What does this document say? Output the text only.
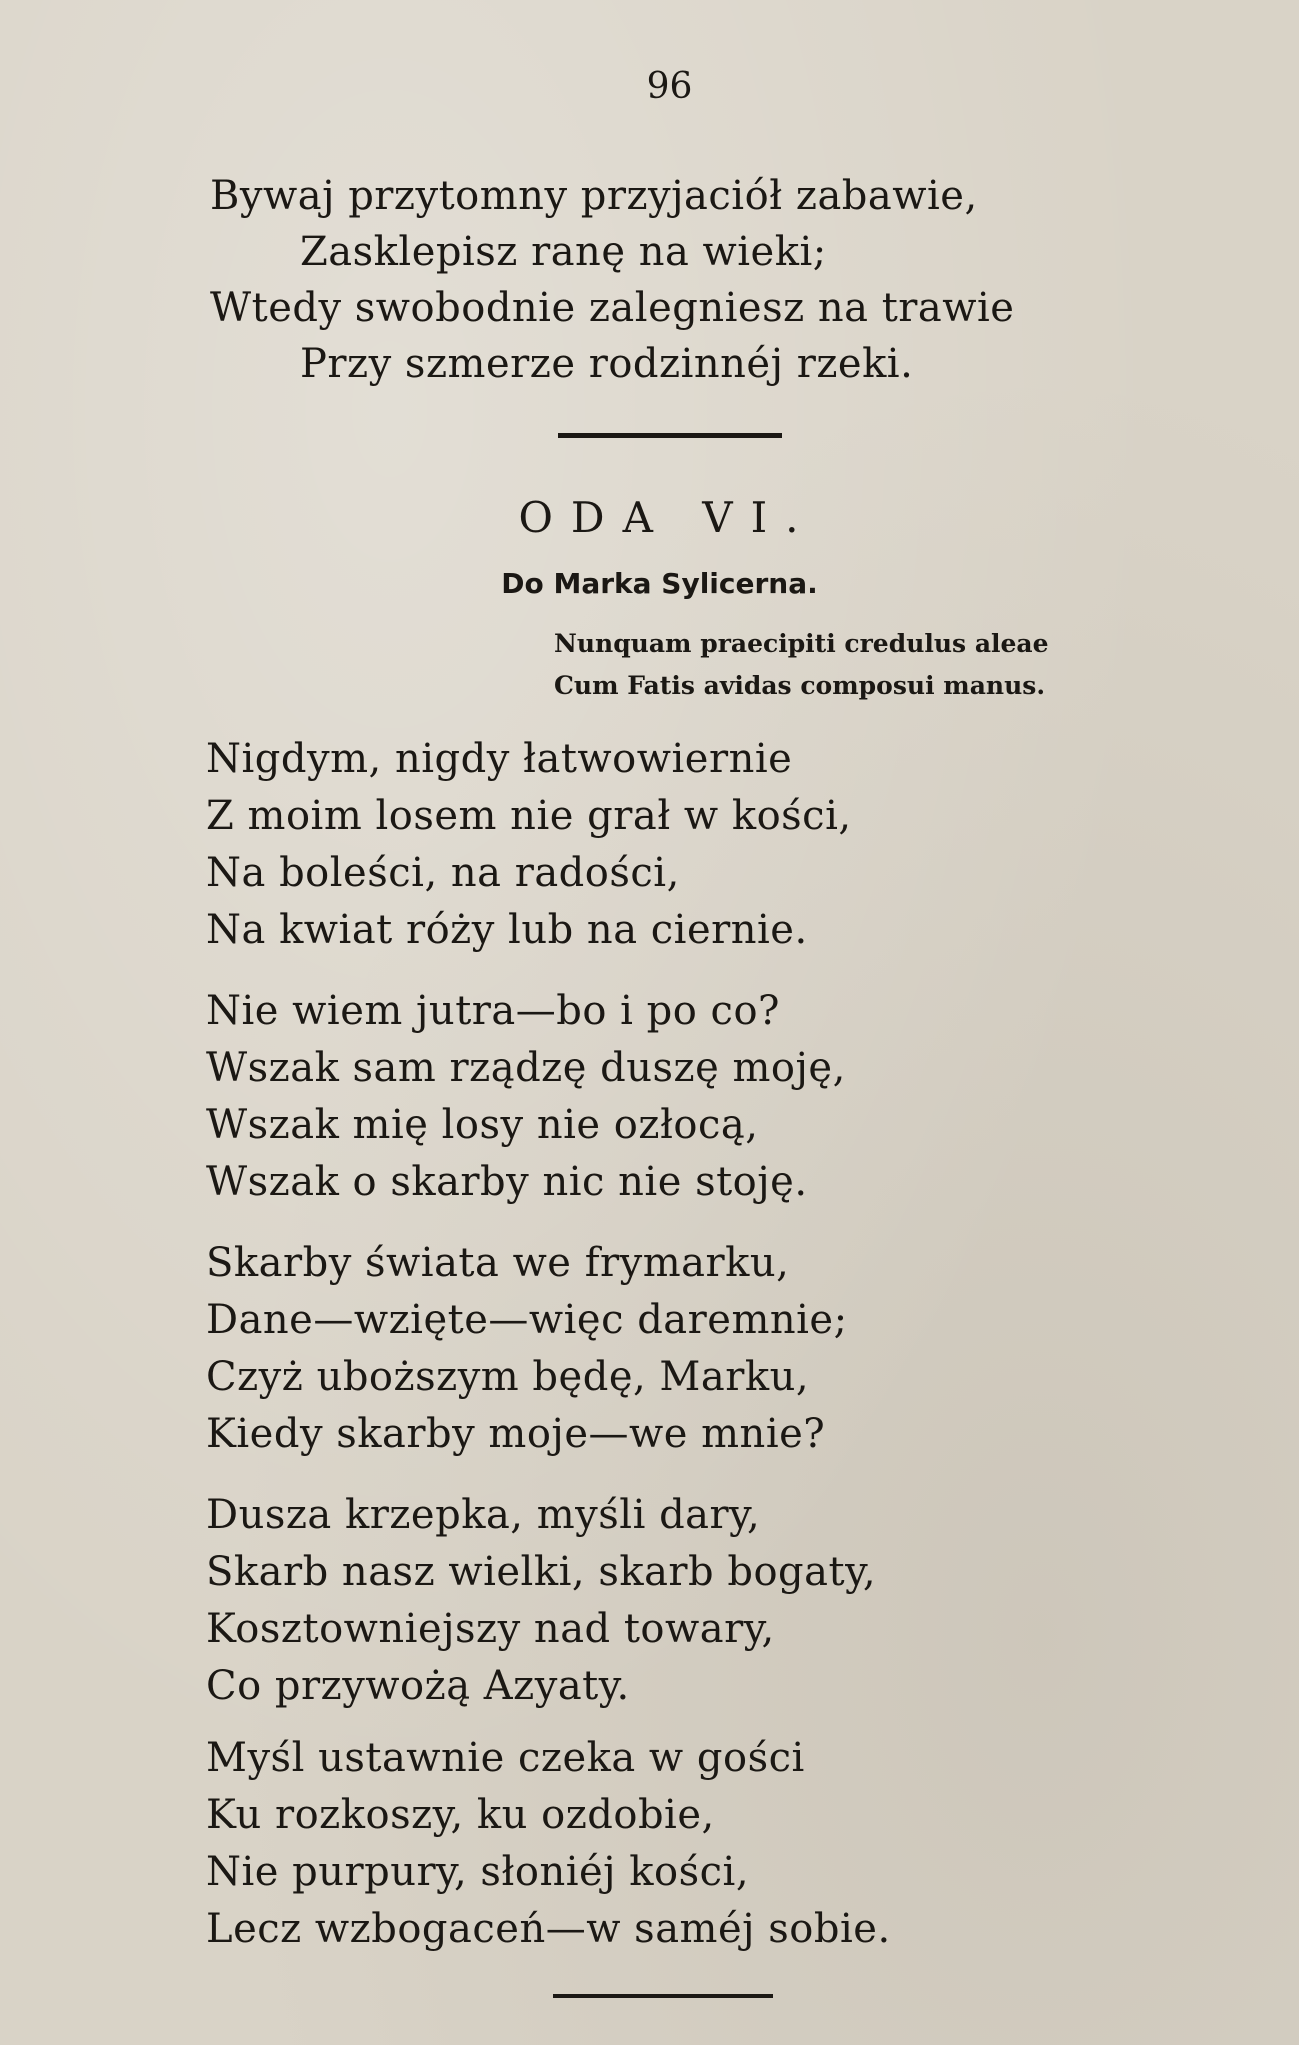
96
Bywaj przytomny przyjaciół zabawie,
Zasklepisz ranę na wieki;
Wtedy swobodnie zalegniesz na trawie
Przy szmerze rodzinnéj rzeki.
ODA VI.
Do Marka Sylicerna.
Nunquam praecipiti credulus aleae
Cum Fatis avidas composui manus.
Nigdym, nigdy łatwowiernie
Z moim losem nie grał w kości,
Na boleści, na radości,
Na kwiat róży lub na ciernie.
Nie wiem jutra—bo i po co?
Wszak sam rządzę duszę moję,
Wszak mię losy nie ozłocą,
Wszak o skarby nic nie stoję.
Skarby świata we frymarku,
Dane—wzięte—więc daremnie;
Czyż uboższym będę, Marku,
Kiedy skarby moje—we mnie?
Dusza krzepka, myśli dary,
Skarb nasz wielki, skarb bogaty,
Kosztowniejszy nad towary,
Co przywożą Azyaty.
Myśl ustawnie czeka w gości
Ku rozkoszy, ku ozdobie,
Nie purpury, słoniéj kości,
Lecz wzbogaceń—w saméj sobie.
